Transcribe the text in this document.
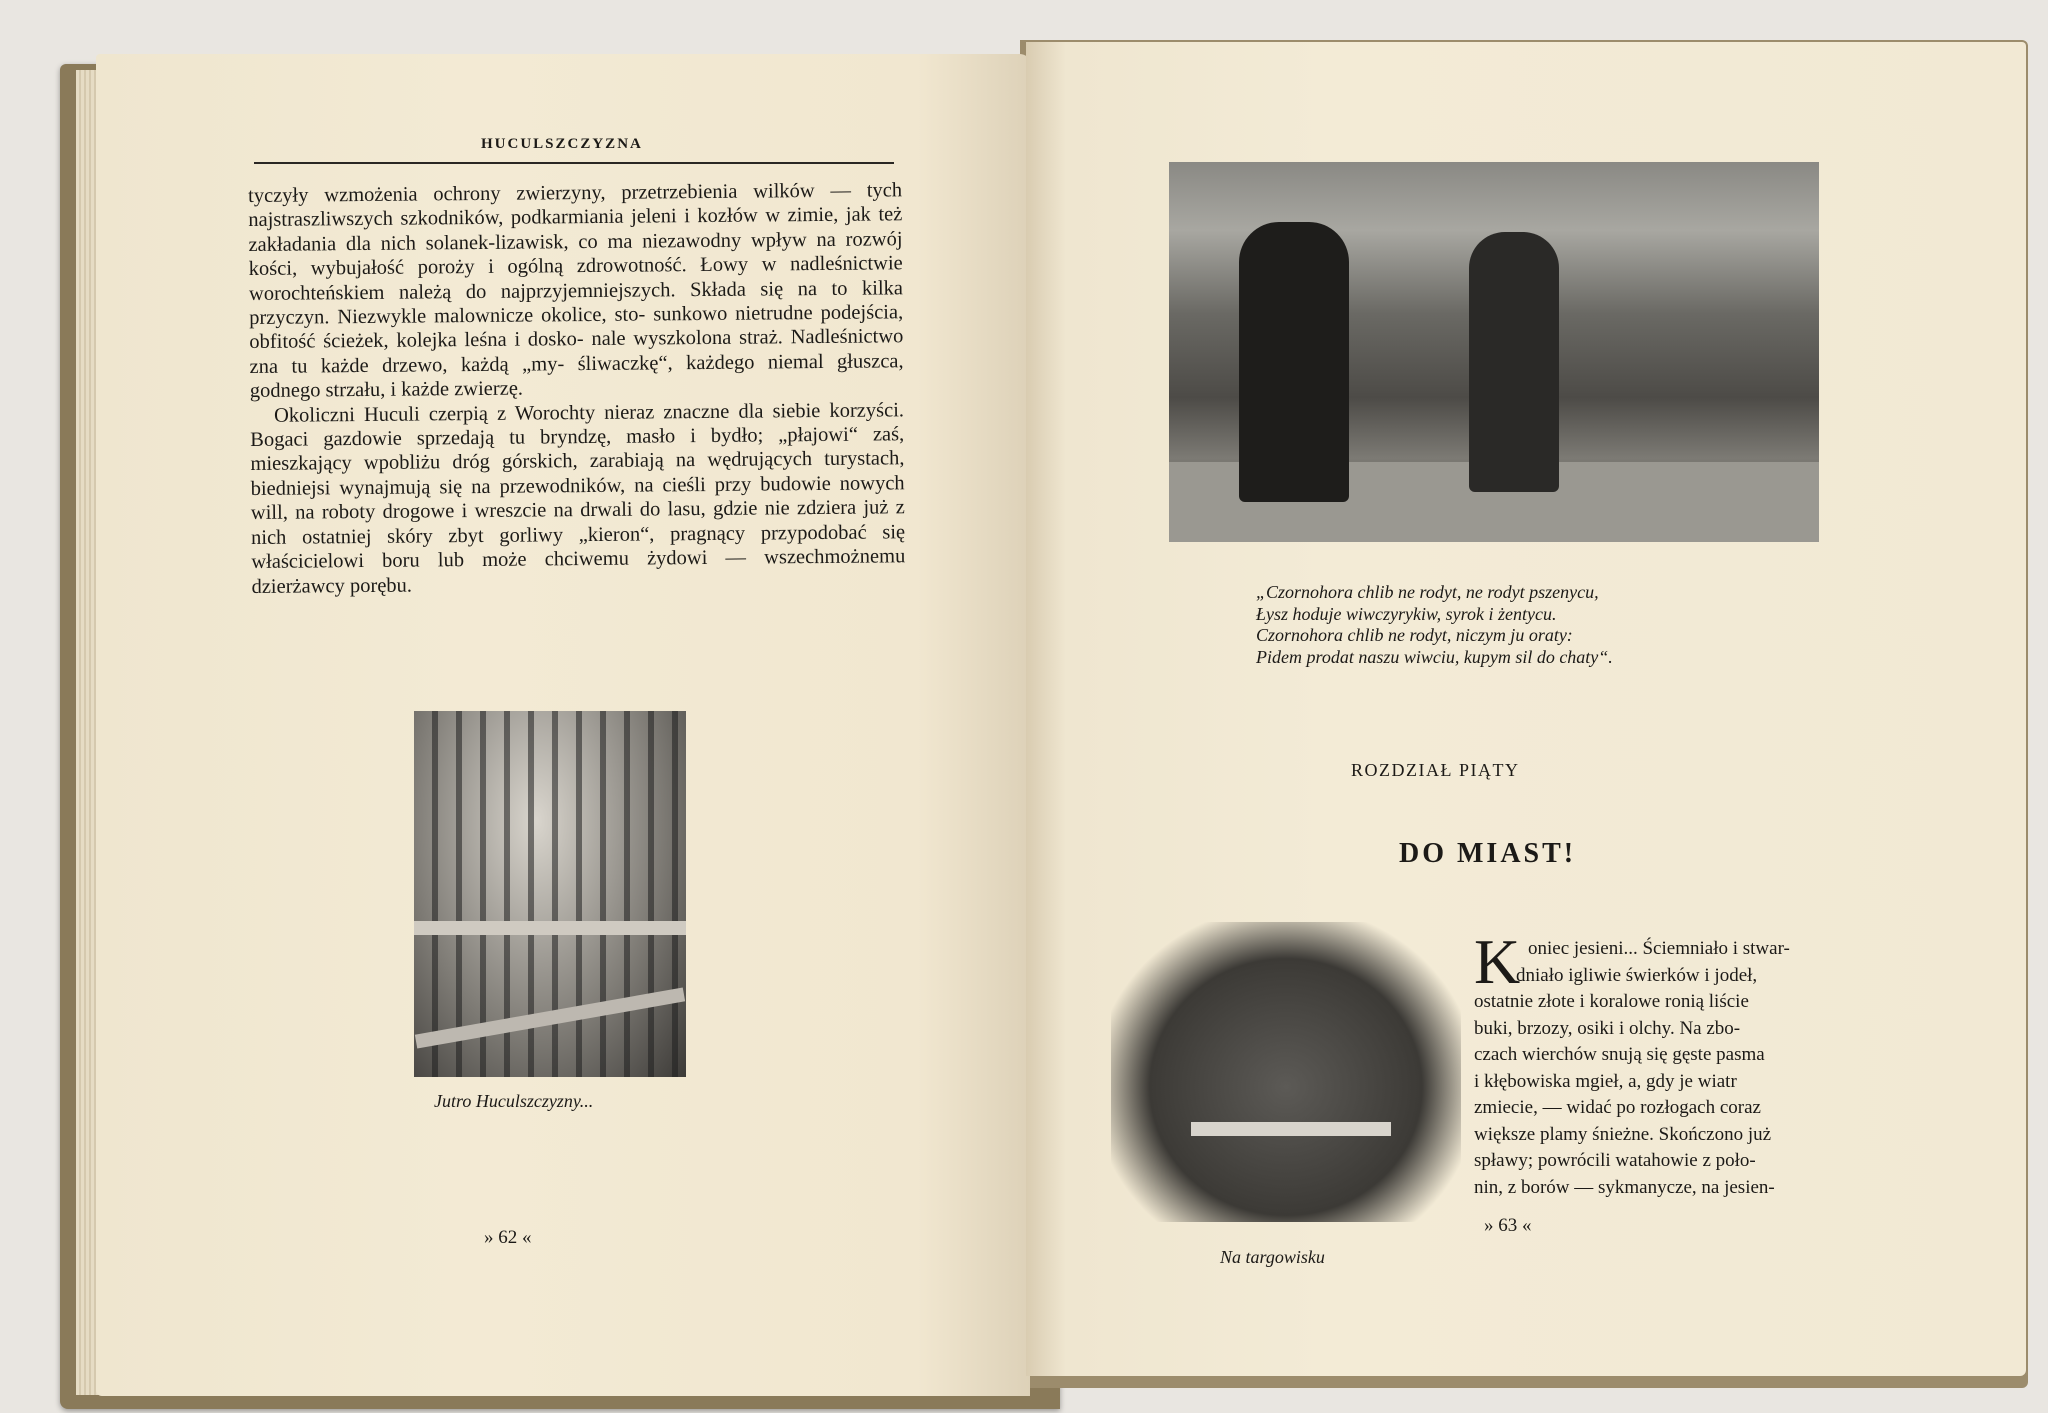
HUCULSZCZYZNA

tyczyły wzmożenia ochrony zwierzyny, przetrzebienia wilków — tych najstraszliwszych szkodników, podkarmiania jeleni i kozłów w zimie, jak też zakładania dla nich solanek-lizawisk, co ma niezawodny wpływ na rozwój kości, wybujałość poroży i ogólną zdrowotność. Łowy w nadleśnictwie worochteńskiem należą do najprzyjemniejszych. Składa się na to kilka przyczyn. Niezwykle malownicze okolice, sto- sunkowo nietrudne podejścia, obfitość ścieżek, kolejka leśna i dosko- nale wyszkolona straż. Nadleśnictwo zna tu każde drzewo, każdą „my- śliwaczkę“, każdego niemal głuszca, godnego strzału, i każde zwierzę.

Okoliczni Huculi czerpią z Worochty nieraz znaczne dla siebie korzyści. Bogaci gazdowie sprzedają tu bryndzę, masło i bydło; „płajowi“ zaś, mieszkający wpobliżu dróg górskich, zarabiają na wędrujących turystach, biedniejsi wynajmują się na przewodników, na cieśli przy budowie nowych will, na roboty drogowe i wreszcie na drwali do lasu, gdzie nie zdziera już z nich ostatniej skóry zbyt gorliwy „kieron“, pragnący przypodobać się właścicielowi boru lub może chciwemu żydowi — wszechmożnemu dzierżawcy porębu.

Jutro Huculszczyzny...
» 62 «
„Czornohora chlib ne rodyt, ne rodyt pszenycu,
Łysz hoduje wiwczyrykiw, syrok i żentycu.
Czornohora chlib ne rodyt, niczym ju oraty:
Pidem prodat naszu wiwciu, kupym sil do chaty“.
ROZDZIAŁ PIĄTY
DO MIAST!
Na targowisku
K oniec jesieni... Ściemniało i stwar-
dniało igliwie świerków i jodeł,
ostatnie złote i koralowe ronią liście
buki, brzozy, osiki i olchy. Na zbo-
czach wierchów snują się gęste pasma
i kłębowiska mgieł, a, gdy je wiatr
zmiecie, — widać po rozłogach coraz
większe plamy śnieżne. Skończono już
spławy; powrócili watahowie z poło-
nin, z borów — sykmanycze, na jesien-
» 63 «
